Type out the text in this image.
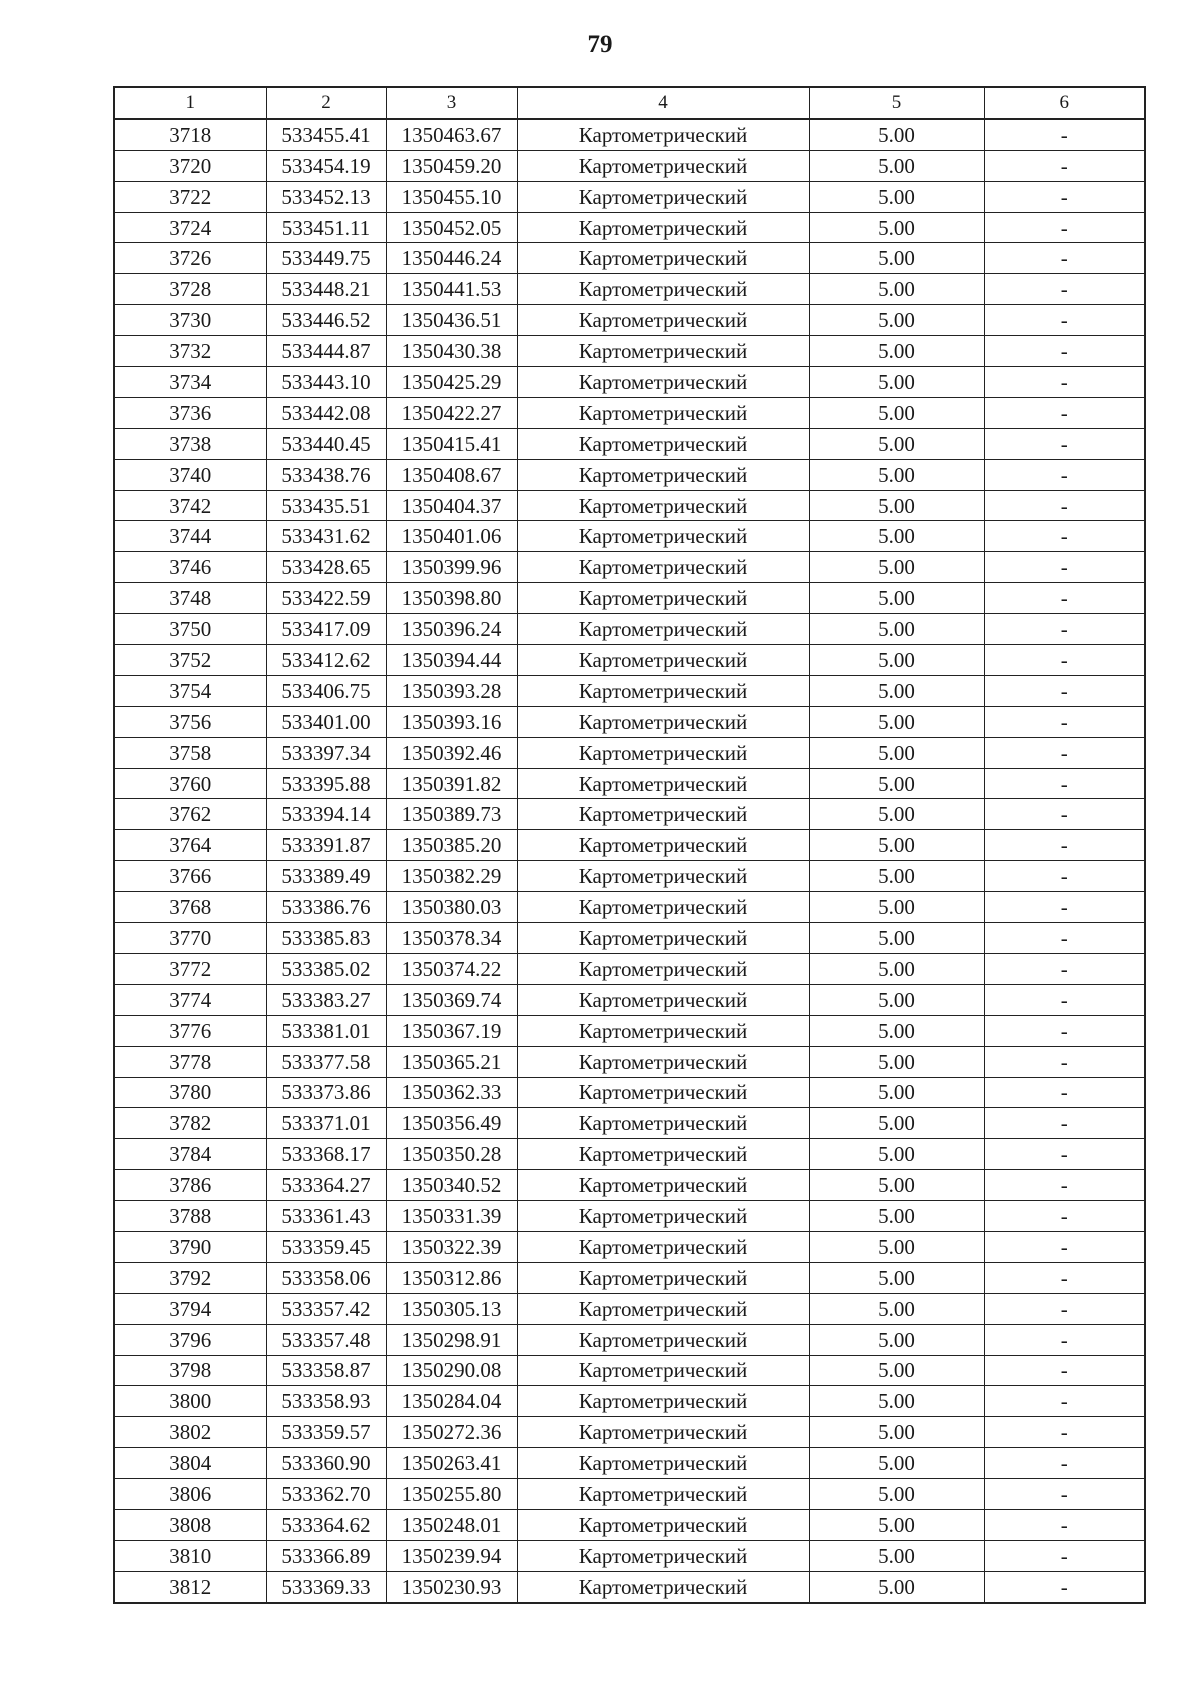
79
1	2	3	4	5	6
3718	533455.41	1350463.67	Картометрический	5.00	-
3720	533454.19	1350459.20	Картометрический	5.00	-
3722	533452.13	1350455.10	Картометрический	5.00	-
3724	533451.11	1350452.05	Картометрический	5.00	-
3726	533449.75	1350446.24	Картометрический	5.00	-
3728	533448.21	1350441.53	Картометрический	5.00	-
3730	533446.52	1350436.51	Картометрический	5.00	-
3732	533444.87	1350430.38	Картометрический	5.00	-
3734	533443.10	1350425.29	Картометрический	5.00	-
3736	533442.08	1350422.27	Картометрический	5.00	-
3738	533440.45	1350415.41	Картометрический	5.00	-
3740	533438.76	1350408.67	Картометрический	5.00	-
3742	533435.51	1350404.37	Картометрический	5.00	-
3744	533431.62	1350401.06	Картометрический	5.00	-
3746	533428.65	1350399.96	Картометрический	5.00	-
3748	533422.59	1350398.80	Картометрический	5.00	-
3750	533417.09	1350396.24	Картометрический	5.00	-
3752	533412.62	1350394.44	Картометрический	5.00	-
3754	533406.75	1350393.28	Картометрический	5.00	-
3756	533401.00	1350393.16	Картометрический	5.00	-
3758	533397.34	1350392.46	Картометрический	5.00	-
3760	533395.88	1350391.82	Картометрический	5.00	-
3762	533394.14	1350389.73	Картометрический	5.00	-
3764	533391.87	1350385.20	Картометрический	5.00	-
3766	533389.49	1350382.29	Картометрический	5.00	-
3768	533386.76	1350380.03	Картометрический	5.00	-
3770	533385.83	1350378.34	Картометрический	5.00	-
3772	533385.02	1350374.22	Картометрический	5.00	-
3774	533383.27	1350369.74	Картометрический	5.00	-
3776	533381.01	1350367.19	Картометрический	5.00	-
3778	533377.58	1350365.21	Картометрический	5.00	-
3780	533373.86	1350362.33	Картометрический	5.00	-
3782	533371.01	1350356.49	Картометрический	5.00	-
3784	533368.17	1350350.28	Картометрический	5.00	-
3786	533364.27	1350340.52	Картометрический	5.00	-
3788	533361.43	1350331.39	Картометрический	5.00	-
3790	533359.45	1350322.39	Картометрический	5.00	-
3792	533358.06	1350312.86	Картометрический	5.00	-
3794	533357.42	1350305.13	Картометрический	5.00	-
3796	533357.48	1350298.91	Картометрический	5.00	-
3798	533358.87	1350290.08	Картометрический	5.00	-
3800	533358.93	1350284.04	Картометрический	5.00	-
3802	533359.57	1350272.36	Картометрический	5.00	-
3804	533360.90	1350263.41	Картометрический	5.00	-
3806	533362.70	1350255.80	Картометрический	5.00	-
3808	533364.62	1350248.01	Картометрический	5.00	-
3810	533366.89	1350239.94	Картометрический	5.00	-
3812	533369.33	1350230.93	Картометрический	5.00	-
